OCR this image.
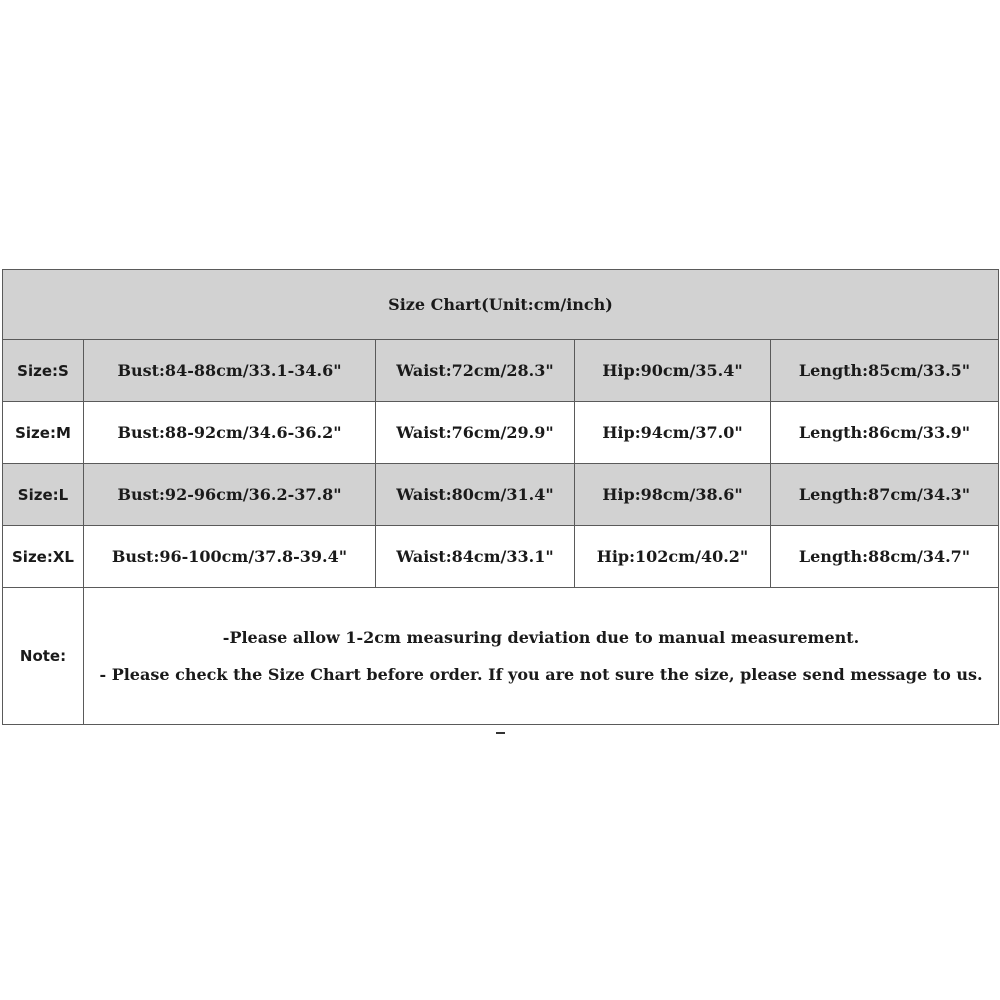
Size Chart(Unit:cm/inch)				
Size:S	Bust:84-88cm/33.1-34.6"	Waist:72cm/28.3"	Hip:90cm/35.4"	Length:85cm/33.5"
Size:M	Bust:88-92cm/34.6-36.2"	Waist:76cm/29.9"	Hip:94cm/37.0"	Length:86cm/33.9"
Size:L	Bust:92-96cm/36.2-37.8"	Waist:80cm/31.4"	Hip:98cm/38.6"	Length:87cm/34.3"
Size:XL	Bust:96-100cm/37.8-39.4"	Waist:84cm/33.1"	Hip:102cm/40.2"	Length:88cm/34.7"
Note:	-Please allow 1-2cm measuring deviation due to manual measurement.
- Please check the Size Chart before order. If you are not sure the size, please send message to us.			
